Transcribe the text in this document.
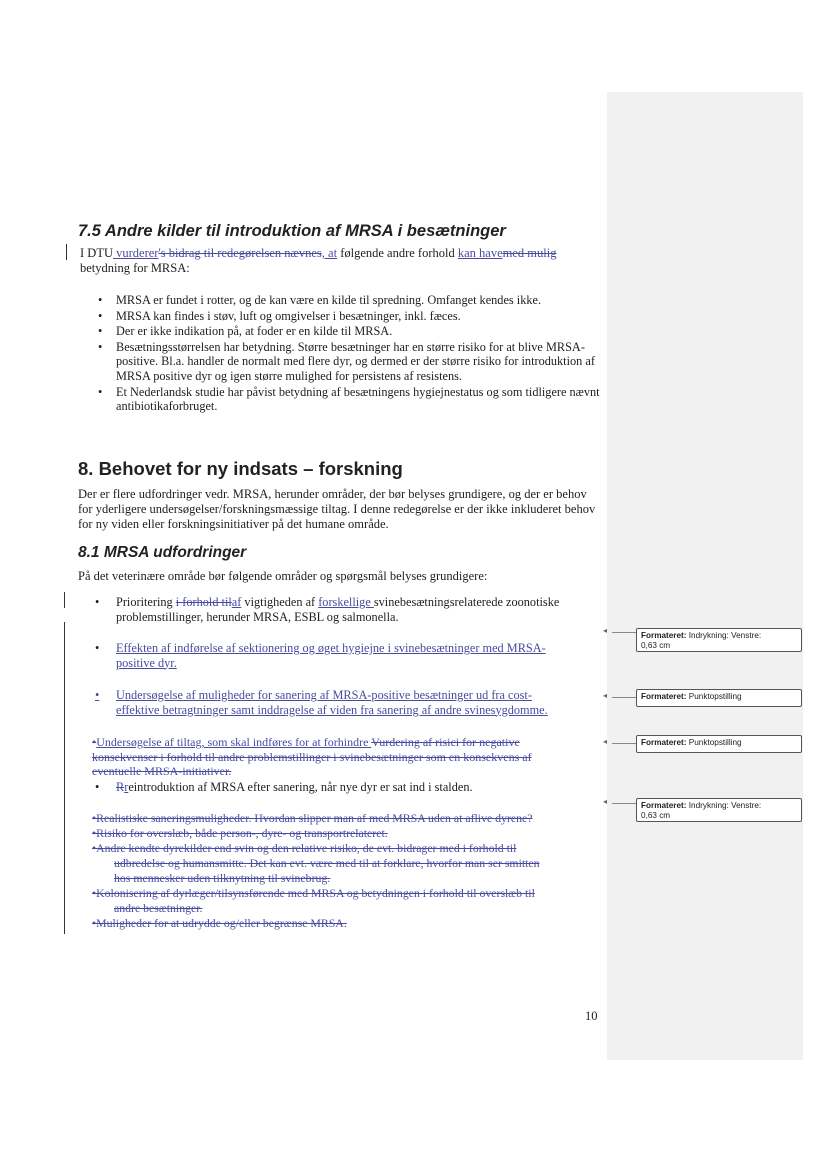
7.5 Andre kilder til introduktion af MRSA i besætninger

I DTU vurderer's bidrag til redegørelsen nævnes, at følgende andre forhold kan havemed mulig
betydning for MRSA:

• MRSA er fundet i rotter, og de kan være en kilde til spredning. Omfanget kendes ikke.
• MRSA kan findes i støv, luft og omgivelser i besætninger, inkl. fæces.
• Der er ikke indikation på, at foder er en kilde til MRSA.
• Besætningsstørrelsen har betydning. Større besætninger har en større risiko for at blive MRSA-positive. Bl.a. handler de normalt med flere dyr, og dermed er der større risiko for introduktion af MRSA positive dyr og igen større mulighed for persistens af resistens.
• Et Nederlandsk studie har påvist betydning af besætningens hygiejnestatus og som tidligere nævnt antibiotikaforbruget.
8. Behovet for ny indsats – forskning

Der er flere udfordringer vedr. MRSA, herunder områder, der bør belyses grundigere, og der er behov for yderligere undersøgelser/forskningsmæssige tiltag. I denne redegørelse er der ikke inkluderet behov for ny viden eller forskningsinitiativer på det humane område.

8.1 MRSA udfordringer

På det veterinære område bør følgende områder og spørgsmål belyses grundigere:

• Prioritering i forhold tilaf vigtigheden af forskellige svinebesætningsrelaterede zoonotiske
problemstillinger, herunder MRSA, ESBL og salmonella.

• Effekten af indførelse af sektionering og øget hygiejne i svinebesætninger med MRSA-
positive dyr.

• Undersøgelse af muligheder for sanering af MRSA-positive besætninger ud fra cost-
effektive betragtninger samt inddragelse af viden fra sanering af andre svinesygdomme.

•Undersøgelse af tiltag, som skal indføres for at forhindre Vurdering af risici for negative
konsekvenser i forhold til andre problemstillinger i svinebesætninger som en konsekvens af
eventuelle MRSA-initiativer.

• Rreintroduktion af MRSA efter sanering, når nye dyr er sat ind i stalden.

•Realistiske saneringsmuligheder. Hvordan slipper man af med MRSA uden at aflive dyrene?
•Risiko for overslæb, både person-, dyre- og transportrelateret.
•Andre kendte dyrekilder end svin og den relative risiko, de evt. bidrager med i forhold til
udbredelse og humansmitte. Det kan evt. være med til at forklare, hvorfor man ser smitten
hos mennesker uden tilknytning til svinebrug.
•Kolonisering af dyrlæger/tilsynsførende med MRSA og betydningen i forhold til overslæb til
andre besætninger.
•Muligheder for at udrydde og/eller begrænse MRSA.

◂
Formateret: Indrykning: Venstre:
0,63 cm
◂	Formateret: Punktopstilling
◂	Formateret: Punktopstilling
◂	Formateret: Indrykning: Venstre:
0,63 cm
10
